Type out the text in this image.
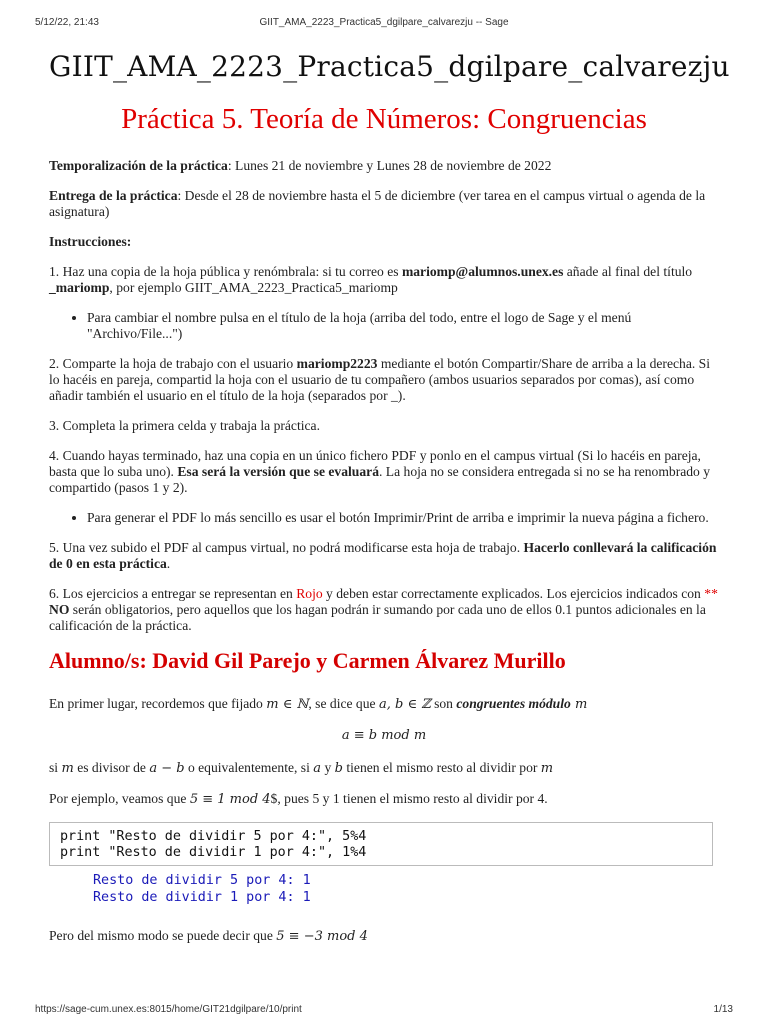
5/12/22, 21:43	GIIT_AMA_2223_Practica5_dgilpare_calvarezju -- Sage
GIIT_AMA_2223_Practica5_dgilpare_calvarezju
Práctica 5. Teoría de Números: Congruencias

Temporalización de la práctica: Lunes 21 de noviembre y Lunes 28 de noviembre de 2022

Entrega de la práctica: Desde el 28 de noviembre hasta el 5 de diciembre (ver tarea en el campus virtual o agenda de la asignatura)

Instrucciones:

1. Haz una copia de la hoja pública y renómbrala: si tu correo es mariomp@alumnos.unex.es añade al final del título _mariomp, por ejemplo GIIT_AMA_2223_Practica5_mariomp

• Para cambiar el nombre pulsa en el título de la hoja (arriba del todo, entre el logo de Sage y el menú "Archivo/File...")

2. Comparte la hoja de trabajo con el usuario mariomp2223 mediante el botón Compartir/Share de arriba a la derecha. Si lo hacéis en pareja, compartid la hoja con el usuario de tu compañero (ambos usuarios separados por comas), así como añadir también el usuario en el título de la hoja (separados por _).

3. Completa la primera celda y trabaja la práctica.

4. Cuando hayas terminado, haz una copia en un único fichero PDF y ponlo en el campus virtual (Si lo hacéis en pareja, basta que lo suba uno). Esa será la versión que se evaluará. La hoja no se considera entregada si no se ha renombrado y compartido (pasos 1 y 2).

• Para generar el PDF lo más sencillo es usar el botón Imprimir/Print de arriba e imprimir la nueva página a fichero.

5. Una vez subido el PDF al campus virtual, no podrá modificarse esta hoja de trabajo. Hacerlo conllevará la calificación de 0 en esta práctica.

6. Los ejercicios a entregar se representan en Rojo y deben estar correctamente explicados. Los ejercicios indicados con ** NO serán obligatorios, pero aquellos que los hagan podrán ir sumando por cada uno de ellos 0.1 puntos adicionales en la calificación de la práctica.

Alumno/s: David Gil Parejo y Carmen Álvarez Murillo

En primer lugar, recordemos que fijado m ∈ ℕ, se dice que a, b ∈ ℤ son congruentes módulo m

a ≡ b mod m

si m es divisor de a − b o equivalentemente, si a y b tienen el mismo resto al dividir por m

Por ejemplo, veamos que 5 ≡ 1 mod 4$, pues 5 y 1 tienen el mismo resto al dividir por 4.

print "Resto de dividir 5 por 4:", 5%4
print "Resto de dividir 1 por 4:", 1%4
Resto de dividir 5 por 4: 1
Resto de dividir 1 por 4: 1

Pero del mismo modo se puede decir que 5 ≡ −3 mod 4

https://sage-cum.unex.es:8015/home/GIT21dgilpare/10/print	1/13
